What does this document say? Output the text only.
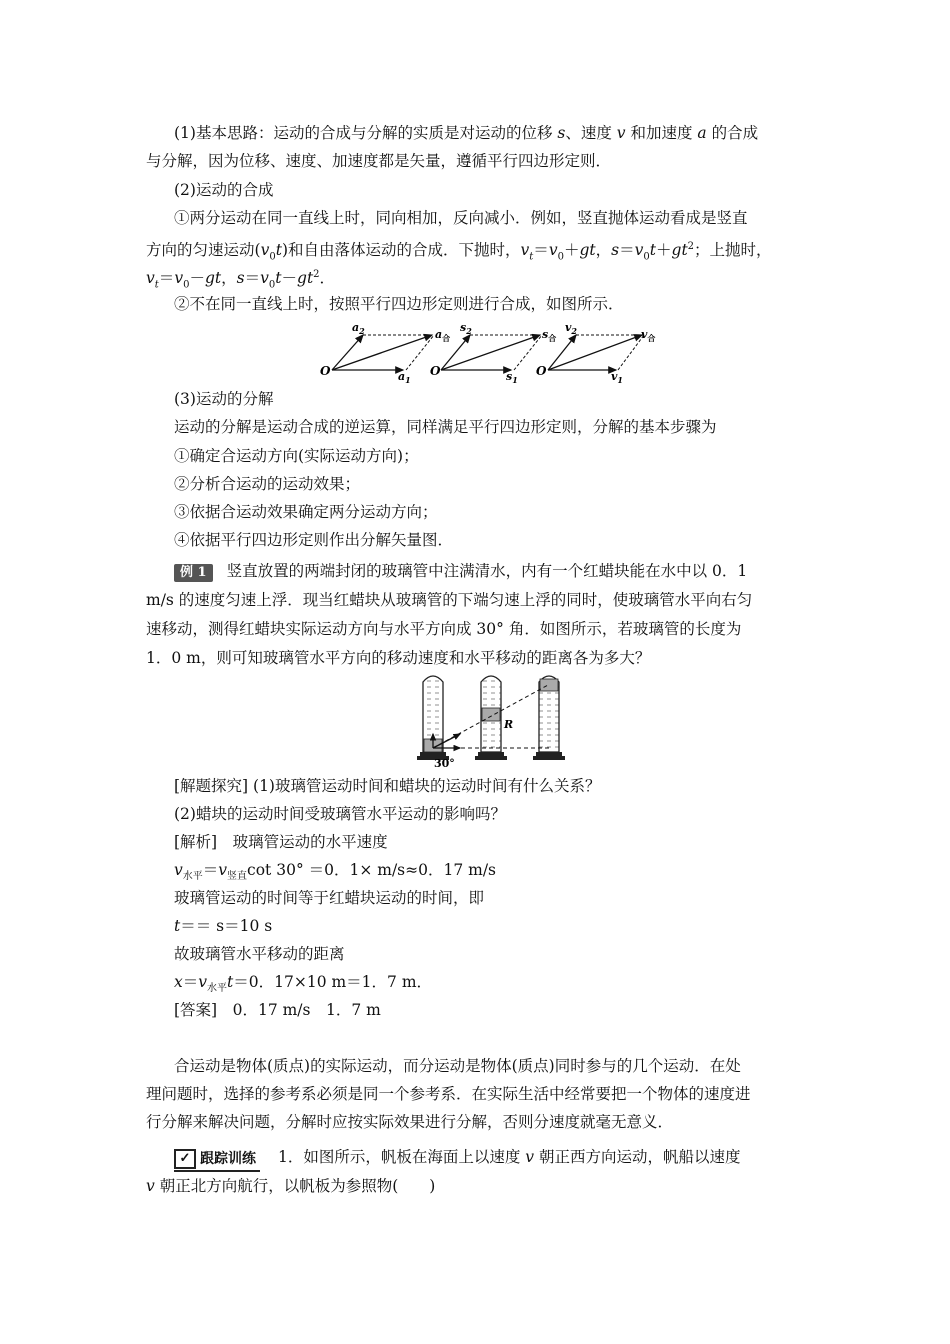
(1)基本思路：运动的合成与分解的实质是对运动的位移 s、速度 v 和加速度 a 的合成
与分解，因为位移、速度、加速度都是矢量，遵循平行四边形定则．
(2)运动的合成
①两分运动在同一直线上时，同向相加，反向减小．例如，竖直抛体运动看成是竖直
方向的匀速运动$(v_0t)$和自由落体运动的合成．下抛时，$v_t=v_0+gt$，$s=v_0t+gt^2$；上抛时，
$v_t=v_0-gt$，$s=v_0t-gt^2$．
②不在同一直线上时，按照平行四边形定则进行合成，如图所示．
O	$a_1$
$a_2$	$a_合$
O	$s_1$
$s_2$	$s_合$
O	$v_1$
$v_2$	$v_合$
(3)运动的分解
运动的分解是运动合成的逆运算，同样满足平行四边形定则，分解的基本步骤为
①确定合运动方向(实际运动方向)；
②分析合运动的运动效果；
③依据合运动效果确定两分运动方向；
④依据平行四边形定则作出分解矢量图．
例 1 竖直放置的两端封闭的玻璃管中注满清水，内有一个红蜡块能在水中以 0．1
m/s 的速度匀速上浮．现当红蜡块从玻璃管的下端匀速上浮的同时，使玻璃管水平向右匀
速移动，测得红蜡块实际运动方向与水平方向成 30° 角．如图所示，若玻璃管的长度为
1．0 m，则可知玻璃管水平方向的移动速度和水平移动的距离各为多大？
R
30°
[解题探究] (1)玻璃管运动时间和蜡块的运动时间有什么关系？
(2)蜡块的运动时间受玻璃管水平运动的影响吗？
[解析]　玻璃管运动的水平速度
$v_{水平}=v_{竖直}\cot$ 30° ＝0．1× m/s≈0．17 m/s
玻璃管运动的时间等于红蜡块运动的时间，即
t＝＝ s＝10 s
故玻璃管水平移动的距离
$x=v_{水平}t=0$．17×10 m＝1．7 m．
[答案]　0．17 m/s　1．7 m
合运动是物体(质点)的实际运动，而分运动是物体(质点)同时参与的几个运动．在处
理问题时，选择的参考系必须是同一个参考系．在实际生活中经常要把一个物体的速度进
行分解来解决问题，分解时应按实际效果进行分解，否则分速度就毫无意义．
✓ 跟踪训练 1．如图所示，帆板在海面上以速度 v 朝正西方向运动，帆船以速度
v 朝正北方向航行，以帆板为参照物(　　)
